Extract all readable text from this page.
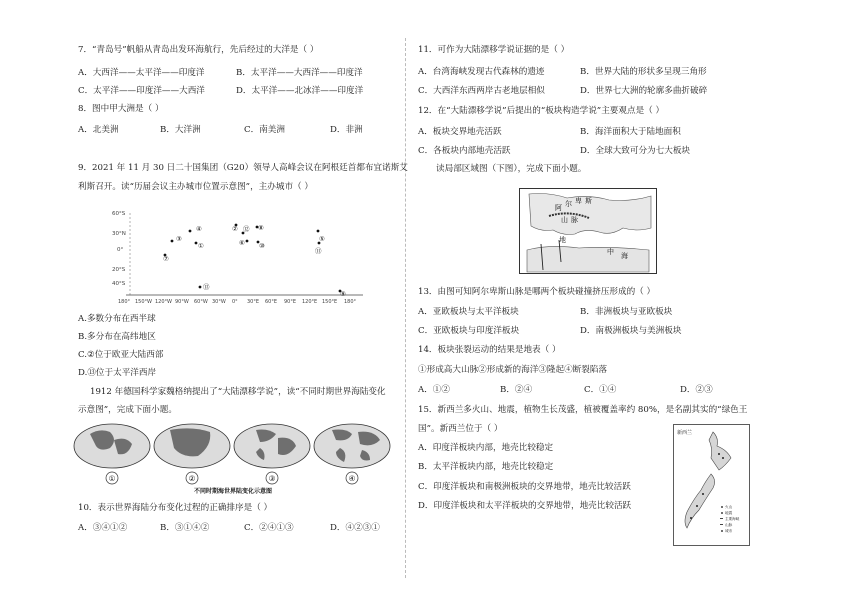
7．“青岛号”帆船从青岛出发环海航行，先后经过的大洋是（ ）
A．大西洋——太平洋——印度洋	B．太平洋——大西洋——印度洋
C．太平洋——印度洋——大西洋	D．太平洋——北冰洋——印度洋
8．图中甲大洲是（ ）
A．北美洲	B．大洋洲	C．南美洲	D．非洲
9．2021 年 11 月 30 日二十国集团（G20）领导人高峰会议在阿根廷首都布宜诺斯艾
利斯召开。读“历届会议主办城市位置示意图”，主办城市（ ）
60°S
30°N
0°
20°S
40°S
180° 150°W 120°W 90°W 60°W 30°W 0° 30°E 60°E 90°E 120°E 150°E 180°
④
③
①
⑦
② ⑫ ⑧
⑥ ⑩
⑤
⑪
⑬
⑨
A.多数分布在西半球
B.多分布在高纬地区
C.②位于欧亚大陆西部
D.⑬位于太平洋西岸
1912 年德国科学家魏格纳提出了“大陆漂移学说”，读“不同时期世界海陆变化
示意图”，完成下面小题。
①	②	③	④
不同时期海世界陆变化示意图
10．表示世界海陆分布变化过程的正确排序是（ ）
A．③④①②	B．③①④②	C．②④①③	D．④②③①
11．可作为大陆漂移学说证据的是（ ）
A．台湾海峡发现古代森林的遗迹	B．世界大陆的形状多呈现三角形
C．大西洋东西两岸古老地层相似	D．世界七大洲的轮廓多曲折破碎
12．在“大陆漂移学说”后提出的“板块构造学说”主要观点是（ ）
A．板块交界地壳活跃	B．海洋面积大于陆地面积
C．各板块内部地壳活跃	D．全球大致可分为七大板块
读局部区域图（下图），完成下面小题。
阿 尔 卑 斯
山 脉
地
中 海
13．由图可知阿尔卑斯山脉是哪两个板块碰撞挤压形成的（ ）
A．亚欧板块与太平洋板块	B．非洲板块与亚欧板块
C．亚欧板块与印度洋板块	D．南极洲板块与美洲板块
14．板块张裂运动的结果是地表（ ）
①形成高大山脉②形成新的海洋③隆起④断裂陷落
A．①②	B．②④	C．①④	D．②③
15．新西兰多火山、地震，植物生长茂盛，植被覆盖率约 80%，是名副其实的“绿色王
国”。新西兰位于（ ）
A．印度洋板块内部，地壳比较稳定
B．太平洋板块内部，地壳比较稳定
C．印度洋板块和南极洲板块的交界地带，地壳比较活跃
D．印度洋板块和太平洋板块的交界地带，地壳比较活跃
新西兰
火山
地震
主要海峡
山脉
城市
